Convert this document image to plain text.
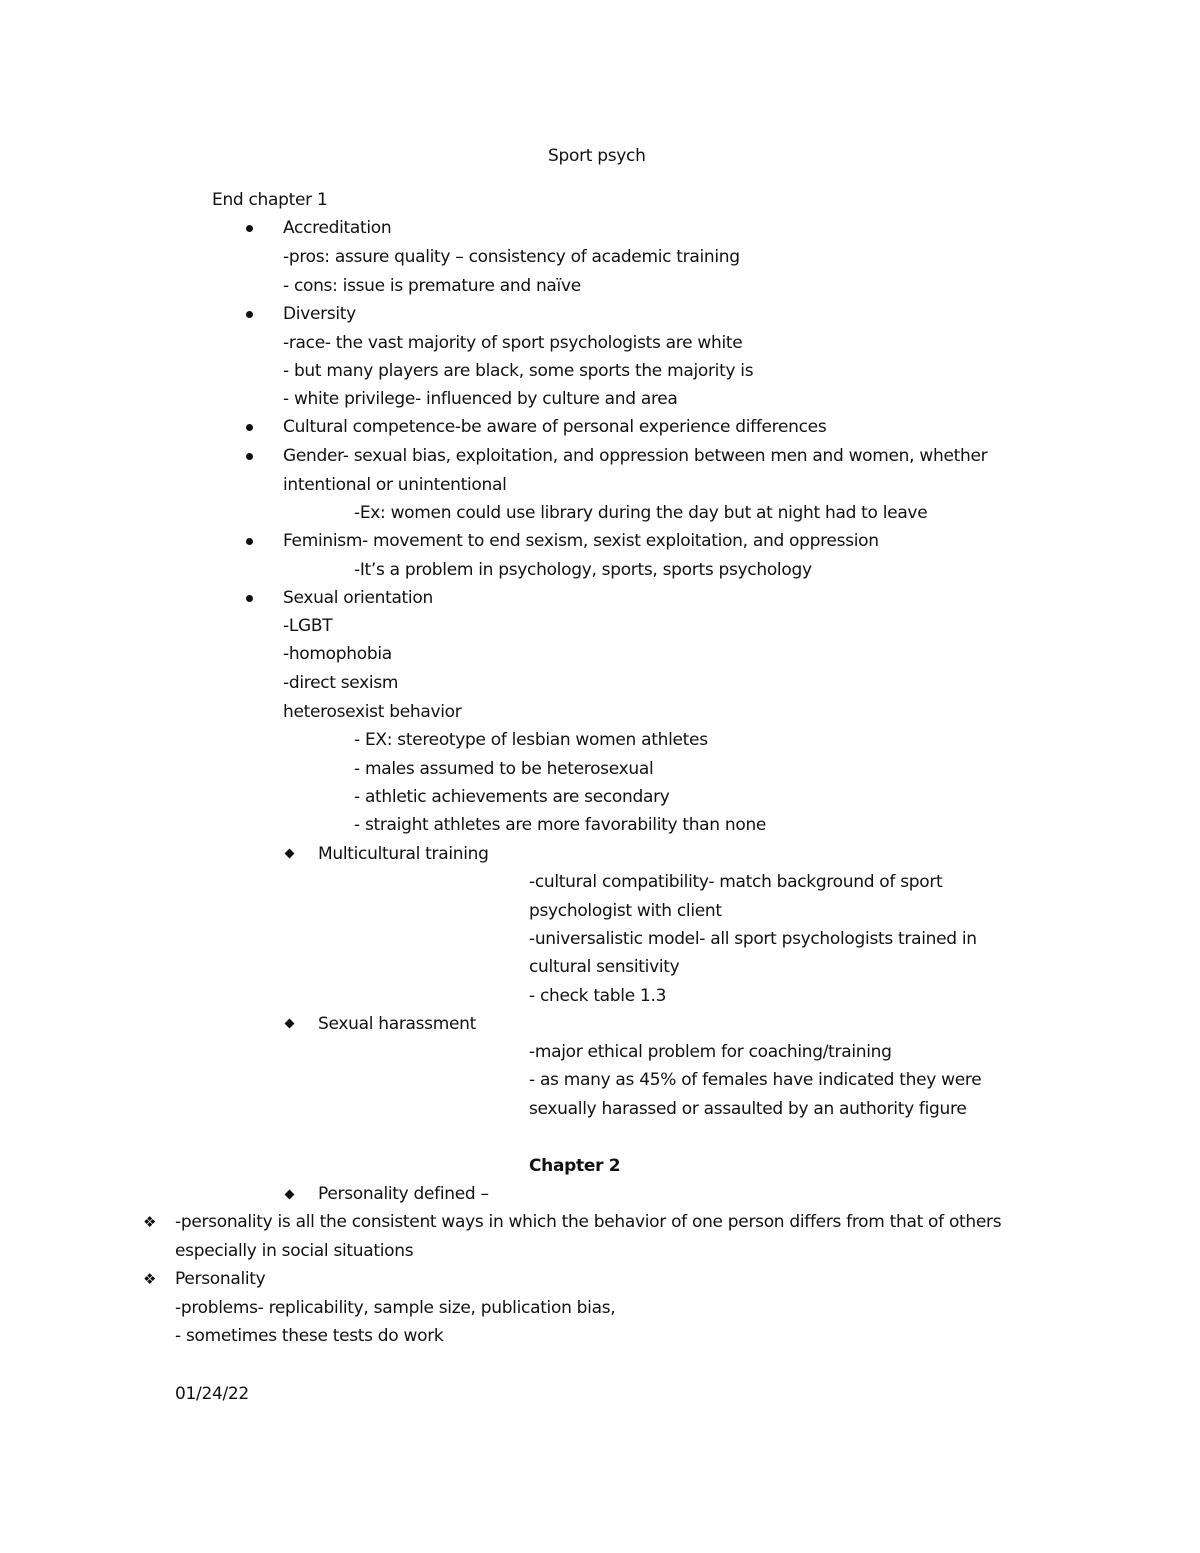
Sport psych
End chapter 1
Accreditation
-pros: assure quality – consistency of academic training
- cons: issue is premature and naïve
Diversity
-race- the vast majority of sport psychologists are white
- but many players are black, some sports the majority is
- white privilege- influenced by culture and area
Cultural competence-be aware of personal experience differences
Gender- sexual bias, exploitation, and oppression between men and women, whether
intentional or unintentional
-Ex: women could use library during the day but at night had to leave
Feminism- movement to end sexism, sexist exploitation, and oppression
-It’s a problem in psychology, sports, sports psychology
Sexual orientation
-LGBT
-homophobia
-direct sexism
heterosexist behavior
- EX: stereotype of lesbian women athletes
- males assumed to be heterosexual
- athletic achievements are secondary
- straight athletes are more favorability than none
Multicultural training
-cultural compatibility- match background of sport
psychologist with client
-universalistic model- all sport psychologists trained in
cultural sensitivity
- check table 1.3
Sexual harassment
-major ethical problem for coaching/training
- as many as 45% of females have indicated they were
sexually harassed or assaulted by an authority figure
Chapter 2
Personality defined –
❖ -personality is all the consistent ways in which the behavior of one person differs from that of others
especially in social situations
❖ Personality
-problems- replicability, sample size, publication bias,
- sometimes these tests do work
01/24/22
